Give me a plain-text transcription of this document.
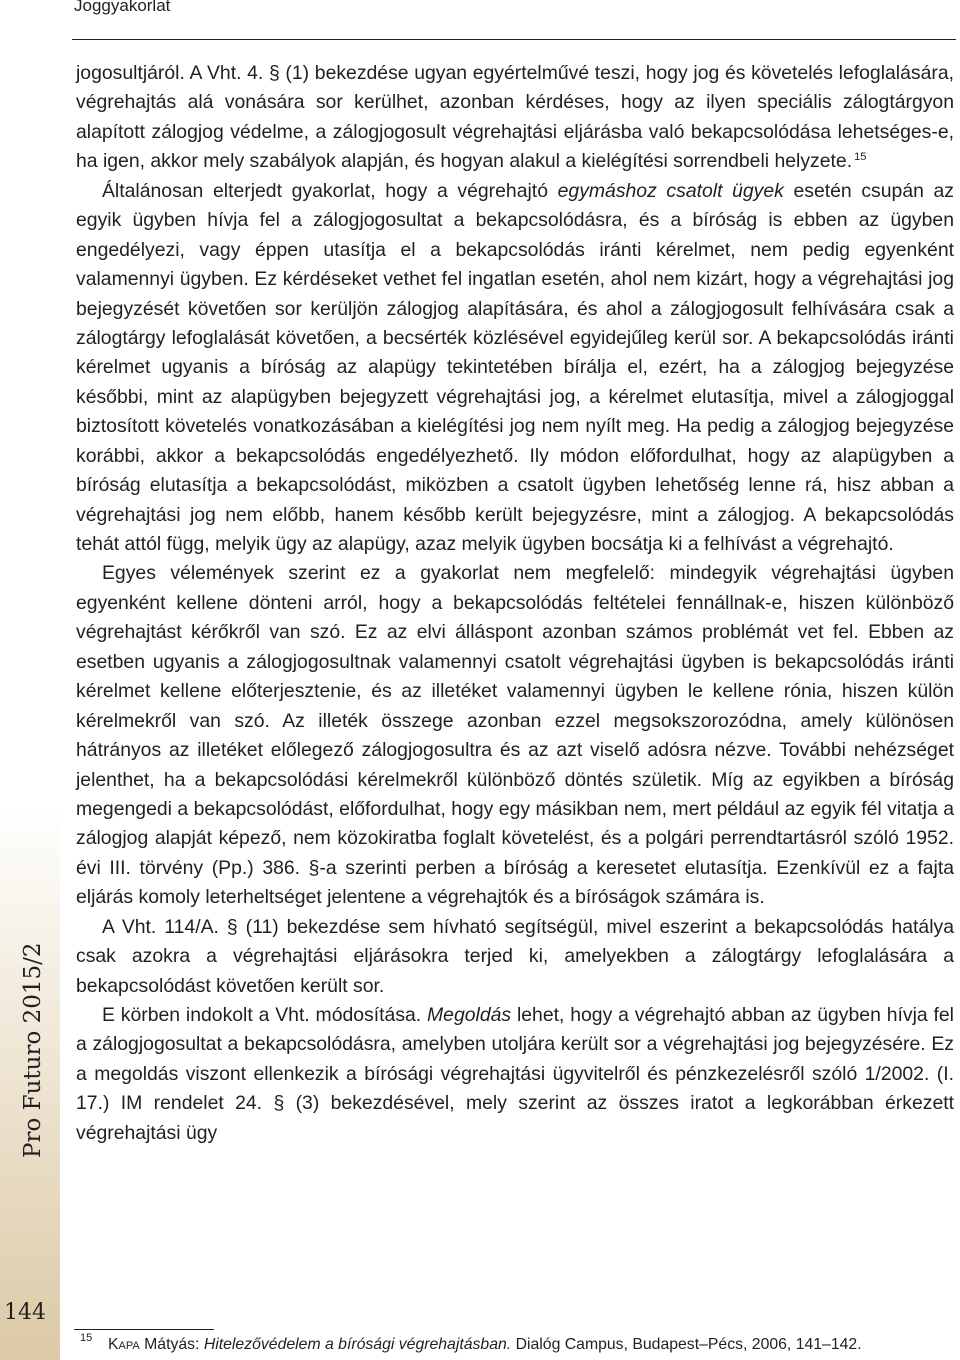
Joggyakorlat
Pro Futuro 2015/2
144

jogosultjáról. A Vht. 4. § (1) bekezdése ugyan egyértelművé teszi, hogy jog és követelés lefoglalására, végrehajtás alá vonására sor kerülhet, azonban kérdéses, hogy az ilyen speciális zálogtárgyon alapított zálogjog védelme, a zálogjogosult végrehajtási eljárásba való bekapcsolódása lehetséges-e, ha igen, akkor mely szabályok alapján, és hogyan alakul a kielégítési sorrendbeli helyzete. $^{15}$

Általánosan elterjedt gyakorlat, hogy a végrehajtó egymáshoz csatolt ügyek esetén csupán az egyik ügyben hívja fel a zálogjogosultat a bekapcsolódásra, és a bíróság is ebben az ügyben engedélyezi, vagy éppen utasítja el a bekapcsolódás iránti kérelmet, nem pedig egyenként valamennyi ügyben. Ez kérdéseket vethet fel ingatlan esetén, ahol nem kizárt, hogy a végrehajtási jog bejegyzését követően sor kerüljön zálogjog alapítására, és ahol a zálogjogosult felhívására csak a zálogtárgy lefoglalását követően, a becsérték közlésével egyidejűleg kerül sor. A bekapcsolódás iránti kérelmet ugyanis a bíróság az alapügy tekintetében bírálja el, ezért, ha a zálogjog bejegyzése későbbi, mint az alapügyben bejegyzett végrehajtási jog, a kérelmet elutasítja, mivel a zálogjoggal biztosított követelés vonatkozásában a kielégítési jog nem nyílt meg. Ha pedig a zálogjog bejegyzése korábbi, akkor a bekapcsolódás engedélyezhető. Ily módon előfordulhat, hogy az alapügyben a bíróság elutasítja a bekapcsolódást, miközben a csatolt ügyben lehetőség lenne rá, hisz abban a végrehajtási jog nem előbb, hanem később került bejegyzésre, mint a zálogjog. A bekapcsolódás tehát attól függ, melyik ügy az alapügy, azaz melyik ügyben bocsátja ki a felhívást a végrehajtó.

Egyes vélemények szerint ez a gyakorlat nem megfelelő: mindegyik végrehajtási ügyben egyenként kellene dönteni arról, hogy a bekapcsolódás feltételei fennállnak-e, hiszen különböző végrehajtást kérőkről van szó. Ez az elvi álláspont azonban számos problémát vet fel. Ebben az esetben ugyanis a zálogjogosultnak valamennyi csatolt végrehajtási ügyben is bekapcsolódás iránti kérelmet kellene előterjesztenie, és az illetéket valamennyi ügyben le kellene rónia, hiszen külön kérelmekről van szó. Az illeték összege azonban ezzel megsokszorozódna, amely különösen hátrányos az illetéket előlegező zálogjogosultra és az azt viselő adósra nézve. További nehézséget jelenthet, ha a bekapcsolódási kérelmekről különböző döntés születik. Míg az egyikben a bíróság megengedi a bekapcsolódást, előfordulhat, hogy egy másikban nem, mert például az egyik fél vitatja a zálogjog alapját képező, nem közokiratba foglalt követelést, és a polgári perrendtartásról szóló 1952. évi III. törvény (Pp.) 386. §-a szerinti perben a bíróság a keresetet elutasítja. Ezenkívül ez a fajta eljárás komoly leterheltséget jelentene a végrehajtók és a bíróságok számára is.

A Vht. 114/A. § (11) bekezdése sem hívható segítségül, mivel eszerint a bekapcsolódás hatálya csak azokra a végrehajtási eljárásokra terjed ki, amelyekben a zálogtárgy lefoglalására a bekapcsolódást követően került sor.

E körben indokolt a Vht. módosítása. Megoldás lehet, hogy a végrehajtó abban az ügyben hívja fel a zálogjogosultat a bekapcsolódásra, amelyben utoljára került sor a végrehajtási jog bejegyzésére. Ez a megoldás viszont ellenkezik a bírósági végrehajtási ügyvitelről és pénzkezelésről szóló 1/2002. (I. 17.) IM rendelet 24. § (3) bekezdésével, mely szerint az összes iratot a legkorábban érkezett végrehajtási ügy

15 Kapa Mátyás: Hitelezővédelem a bírósági végrehajtásban. Dialóg Campus, Budapest–Pécs, 2006, 141–142.
